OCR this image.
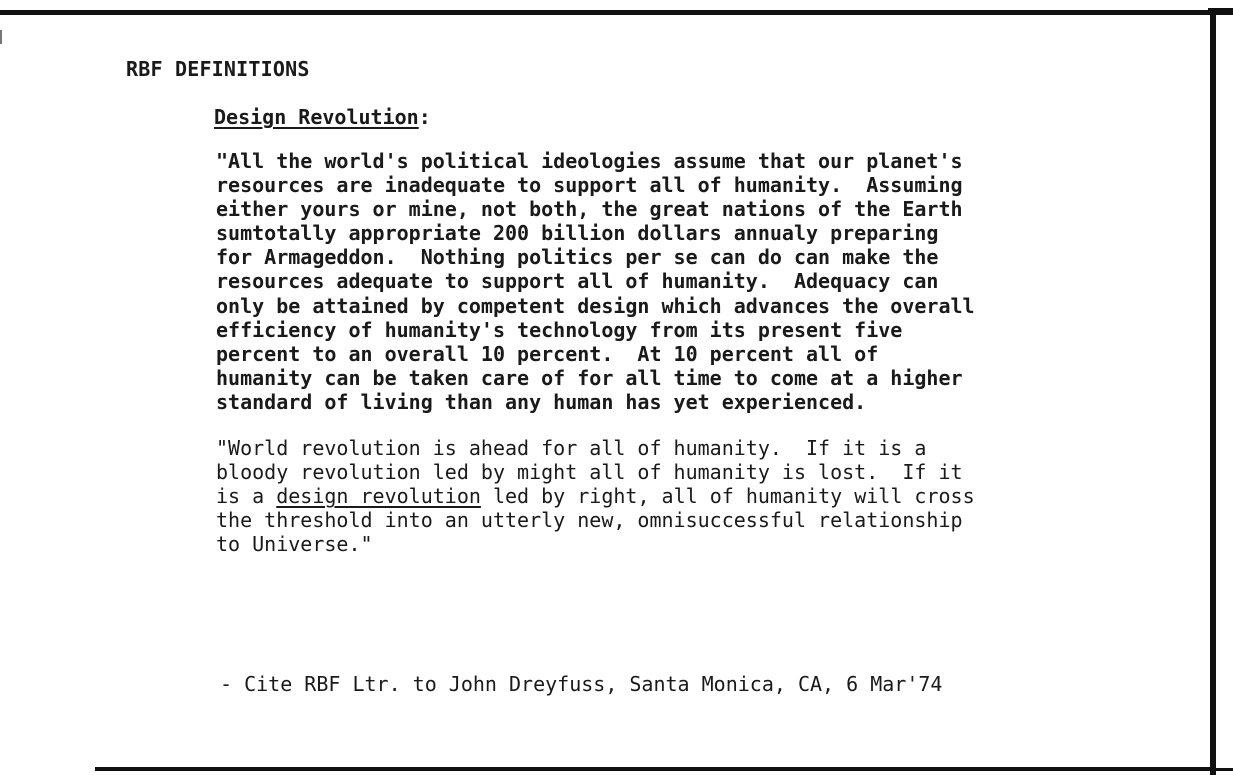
RBF DEFINITIONS
Design Revolution:
"All the world's political ideologies assume that our planet's
resources are inadequate to support all of humanity.  Assuming
either yours or mine, not both, the great nations of the Earth
sumtotally appropriate 200 billion dollars annualy preparing
for Armageddon.  Nothing politics per se can do can make the
resources adequate to support all of humanity.  Adequacy can
only be attained by competent design which advances the overall
efficiency of humanity's technology from its present five
percent to an overall 10 percent.  At 10 percent all of
humanity can be taken care of for all time to come at a higher
standard of living than any human has yet experienced.
"World revolution is ahead for all of humanity.  If it is a
bloody revolution led by might all of humanity is lost.  If it
is a design revolution led by right, all of humanity will cross
the threshold into an utterly new, omnisuccessful relationship
to Universe."

- Cite RBF Ltr. to John Dreyfuss, Santa Monica, CA, 6 Mar'74
